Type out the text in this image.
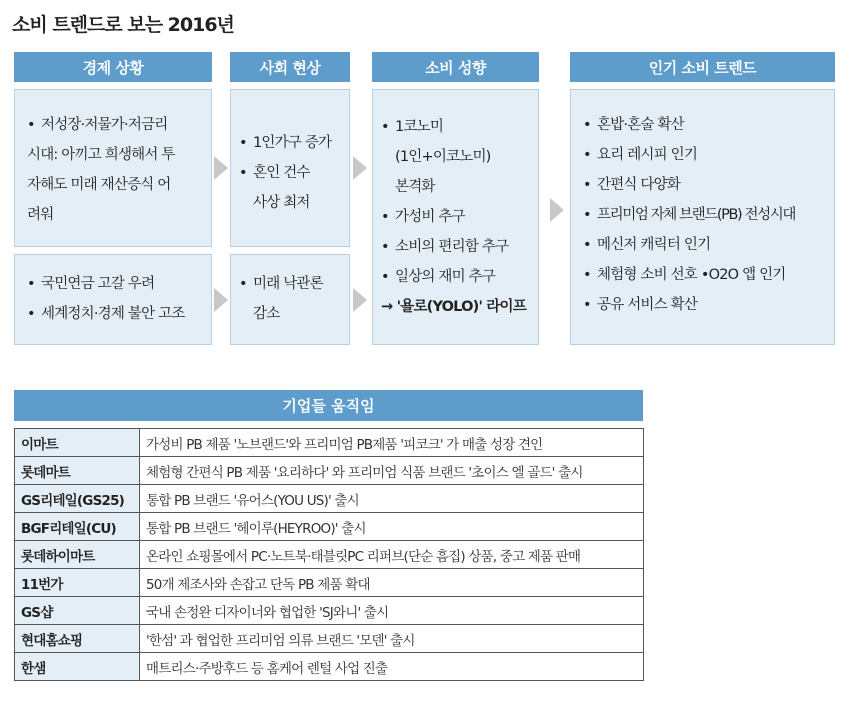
소비 트렌드로 보는 2016년
경제 상황	사회 현상	소비 성향	인기 소비 트렌드
• 저성장·저물가·저금리
시대: 아끼고 희생해서 투
자해도 미래 재산증식 어
려워
• 국민연금 고갈 우려
• 세계정치·경제 불안 고조
• 1인가구 증가
• 혼인 건수
사상 최저
• 미래 낙관론
감소
• 1코노미
(1인+이코노미)
본격화
• 가성비 추구
• 소비의 편리함 추구
• 일상의 재미 추구
→ '욜로(YOLO)' 라이프
• 혼밥·혼술 확산
• 요리 레시피 인기
• 간편식 다양화
• 프리미엄 자체 브랜드(PB) 전성시대
• 메신저 캐릭터 인기
• 체험형 소비 선호 •O2O 앱 인기
• 공유 서비스 확산
기업들 움직임
이마트	가성비 PB 제품 '노브랜드'와 프리미엄 PB제품 '피코크' 가 매출 성장 견인
롯데마트	체험형 간편식 PB 제품 '요리하다' 와 프리미엄 식품 브랜드 '초이스 엘 골드' 출시
GS리테일(GS25)	통합 PB 브랜드 '유어스(YOU US)' 출시
BGF리테일(CU)	통합 PB 브랜드 '헤이루(HEYROO)' 출시
롯데하이마트	온라인 쇼핑몰에서 PC·노트북·태블릿PC 리퍼브(단순 흠집) 상품, 중고 제품 판매
11번가	50개 제조사와 손잡고 단독 PB 제품 확대
GS샵	국내 손정완 디자이너와 협업한 'SJ와니' 출시
현대홈쇼핑	'한섬' 과 협업한 프리미엄 의류 브랜드 '모덴' 출시
한샘	매트리스·주방후드 등 홈케어 렌털 사업 진출
